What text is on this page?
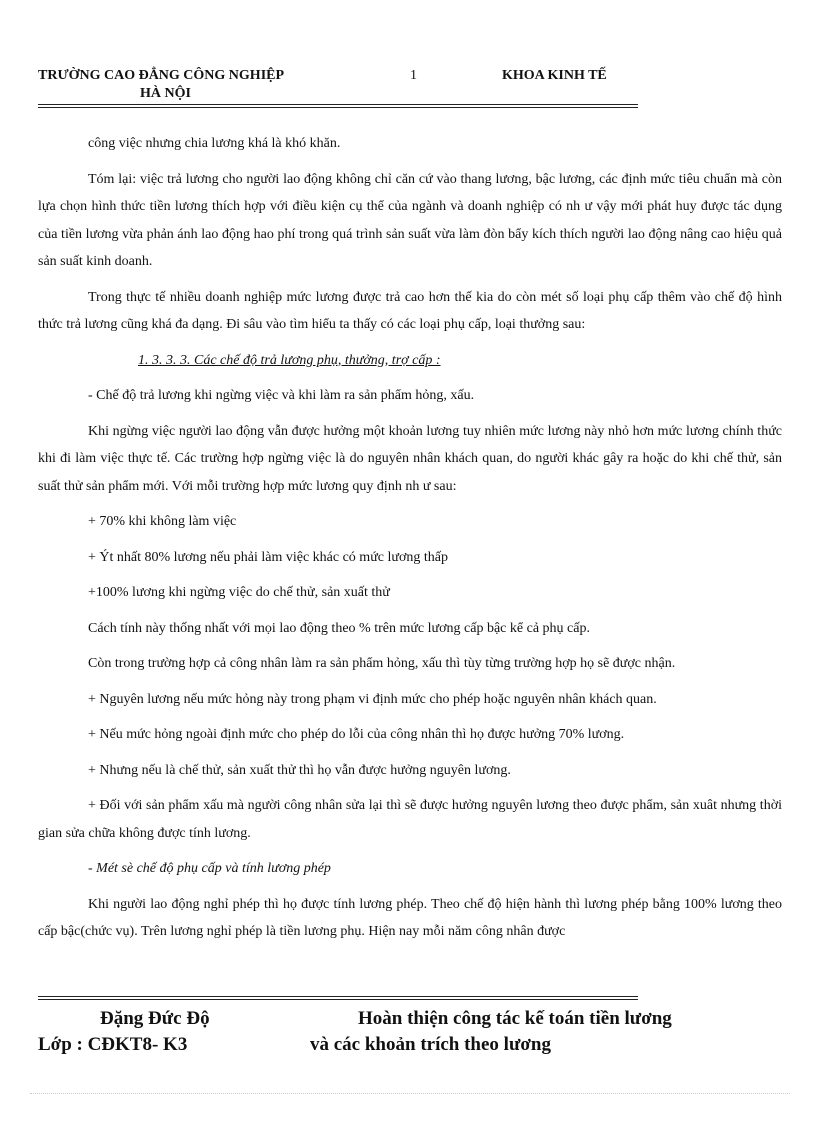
TRƯỜNG CAO ĐẲNG CÔNG NGHIỆP
HÀ NỘI
1	KHOA KINH TẾ

công việc nhưng chia lương khá là khó khăn.

Tóm lại: việc trả lương cho người lao động không chỉ căn cứ vào thang lương, bậc lương, các định mức tiêu chuẩn mà còn lựa chọn hình thức tiền lương thích hợp với điều kiện cụ thể của ngành và doanh nghiệp có nh ư vậy mới phát huy được tác dụng của tiền lương vừa phản ánh lao động hao phí trong quá trình sản suất vừa làm đòn bẩy kích thích người lao động nâng cao hiệu quả sản suất kinh doanh.

Trong thực tế nhiều doanh nghiệp mức lương được trả cao hơn thế kia do còn mét số loại phụ cấp thêm vào chế độ hình thức trả lương cũng khá đa dạng. Đi sâu vào tìm hiểu ta thấy có các loại phụ cấp, loại thưởng sau:

1. 3. 3. 3. Các chế độ trả lương phụ, thưởng, trợ cấp :

- Chế độ trả lương khi ngừng việc và khi làm ra sản phẩm hỏng, xấu.

Khi ngừng việc người lao động vẫn được hưởng một khoản lương tuy nhiên mức lương này nhỏ hơn mức lương chính thức khi đi làm việc thực tế. Các trường hợp ngừng việc là do nguyên nhân khách quan, do người khác gây ra hoặc do khi chế thử, sản suất thử sản phẩm mới. Với mỗi trường hợp mức lương quy định nh ư sau:

+ 70% khi không làm việc

+ Ýt nhất 80% lương nếu phải làm việc khác có mức lương thấp

+100% lương khi ngừng việc do chế thử, sản xuất thử

Cách tính này thống nhất với mọi lao động theo % trên mức lương cấp bậc kể cả phụ cấp.

Còn trong trường hợp cả công nhân làm ra sản phẩm hỏng, xấu thì tùy từng trường hợp họ sẽ được nhận.

+ Nguyên lương nếu mức hỏng này trong phạm vi định mức cho phép hoặc nguyên nhân khách quan.

+ Nếu mức hỏng ngoài định mức cho phép do lỗi của công nhân thì họ được hưởng 70% lương.

+ Nhưng nếu là chế thử, sản xuất thử thì họ vẫn được hưởng nguyên lương.

+ Đối với sản phẩm xấu mà người công nhân sửa lại thì sẽ được hưởng nguyên lương theo được phẩm, sản xuât nhưng thời gian sửa chữa không được tính lương.

- Mét sè chế độ phụ cấp và tính lương phép

Khi người lao động nghỉ phép thì họ được tính lương phép. Theo chế độ hiện hành thì lương phép bằng 100% lương theo cấp bậc(chức vụ). Trên lương nghỉ phép là tiền lương phụ. Hiện nay mỗi năm công nhân được

Đặng Đức Độ
Lớp : CĐKT8- K3
Hoàn thiện công tác kế toán tiền lương
và các khoản trích theo lương
